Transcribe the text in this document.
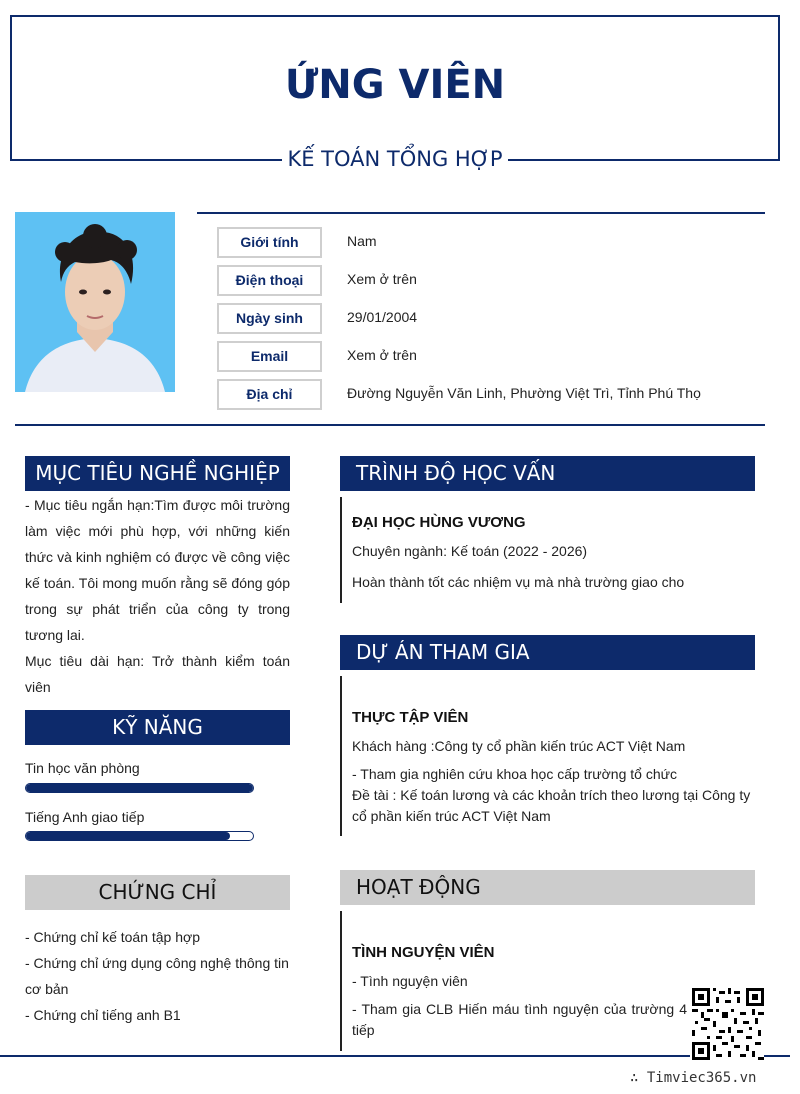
ỨNG VIÊN
KẾ TOÁN TỔNG HỢP
Giới tính	Nam
Điện thoại	Xem ở trên
Ngày sinh	29/01/2004
Email	Xem ở trên
Địa chỉ	Đường Nguyễn Văn Linh, Phường Việt Trì, Tỉnh Phú Thọ
MỤC TIÊU NGHỀ NGHIỆP
- Mục tiêu ngắn hạn:Tìm được môi trường làm việc mới phù hợp, với những kiến thức và kinh nghiệm có được về công việc kế toán. Tôi mong muốn rằng sẽ đóng góp trong sự phát triển của công ty trong tương lai.
Mục tiêu dài hạn: Trở thành kiểm toán viên
KỸ NĂNG
Tin học văn phòng
Tiếng Anh giao tiếp
CHỨNG CHỈ
- Chứng chỉ kế toán tập hợp
- Chứng chỉ ứng dụng công nghệ thông tin cơ bản
- Chứng chỉ tiếng anh B1
TRÌNH ĐỘ HỌC VẤN
ĐẠI HỌC HÙNG VƯƠNG
Chuyên ngành: Kế toán (2022 - 2026)
Hoàn thành tốt các nhiệm vụ mà nhà trường giao cho
DỰ ÁN THAM GIA
THỰC TẬP VIÊN
Khách hàng :Công ty cổ phần kiến trúc ACT Việt Nam
- Tham gia nghiên cứu khoa học cấp trường tổ chức
Đề tài : Kế toán lương và các khoản trích theo lương tại Công ty cổ phần kiến trúc ACT Việt Nam
HOẠT ĐỘNG
TÌNH NGUYỆN VIÊN
- Tình nguyện viên
- Tham gia CLB Hiến máu tình nguyện của trường 4 tiếp
∴ Timviec365.vn
